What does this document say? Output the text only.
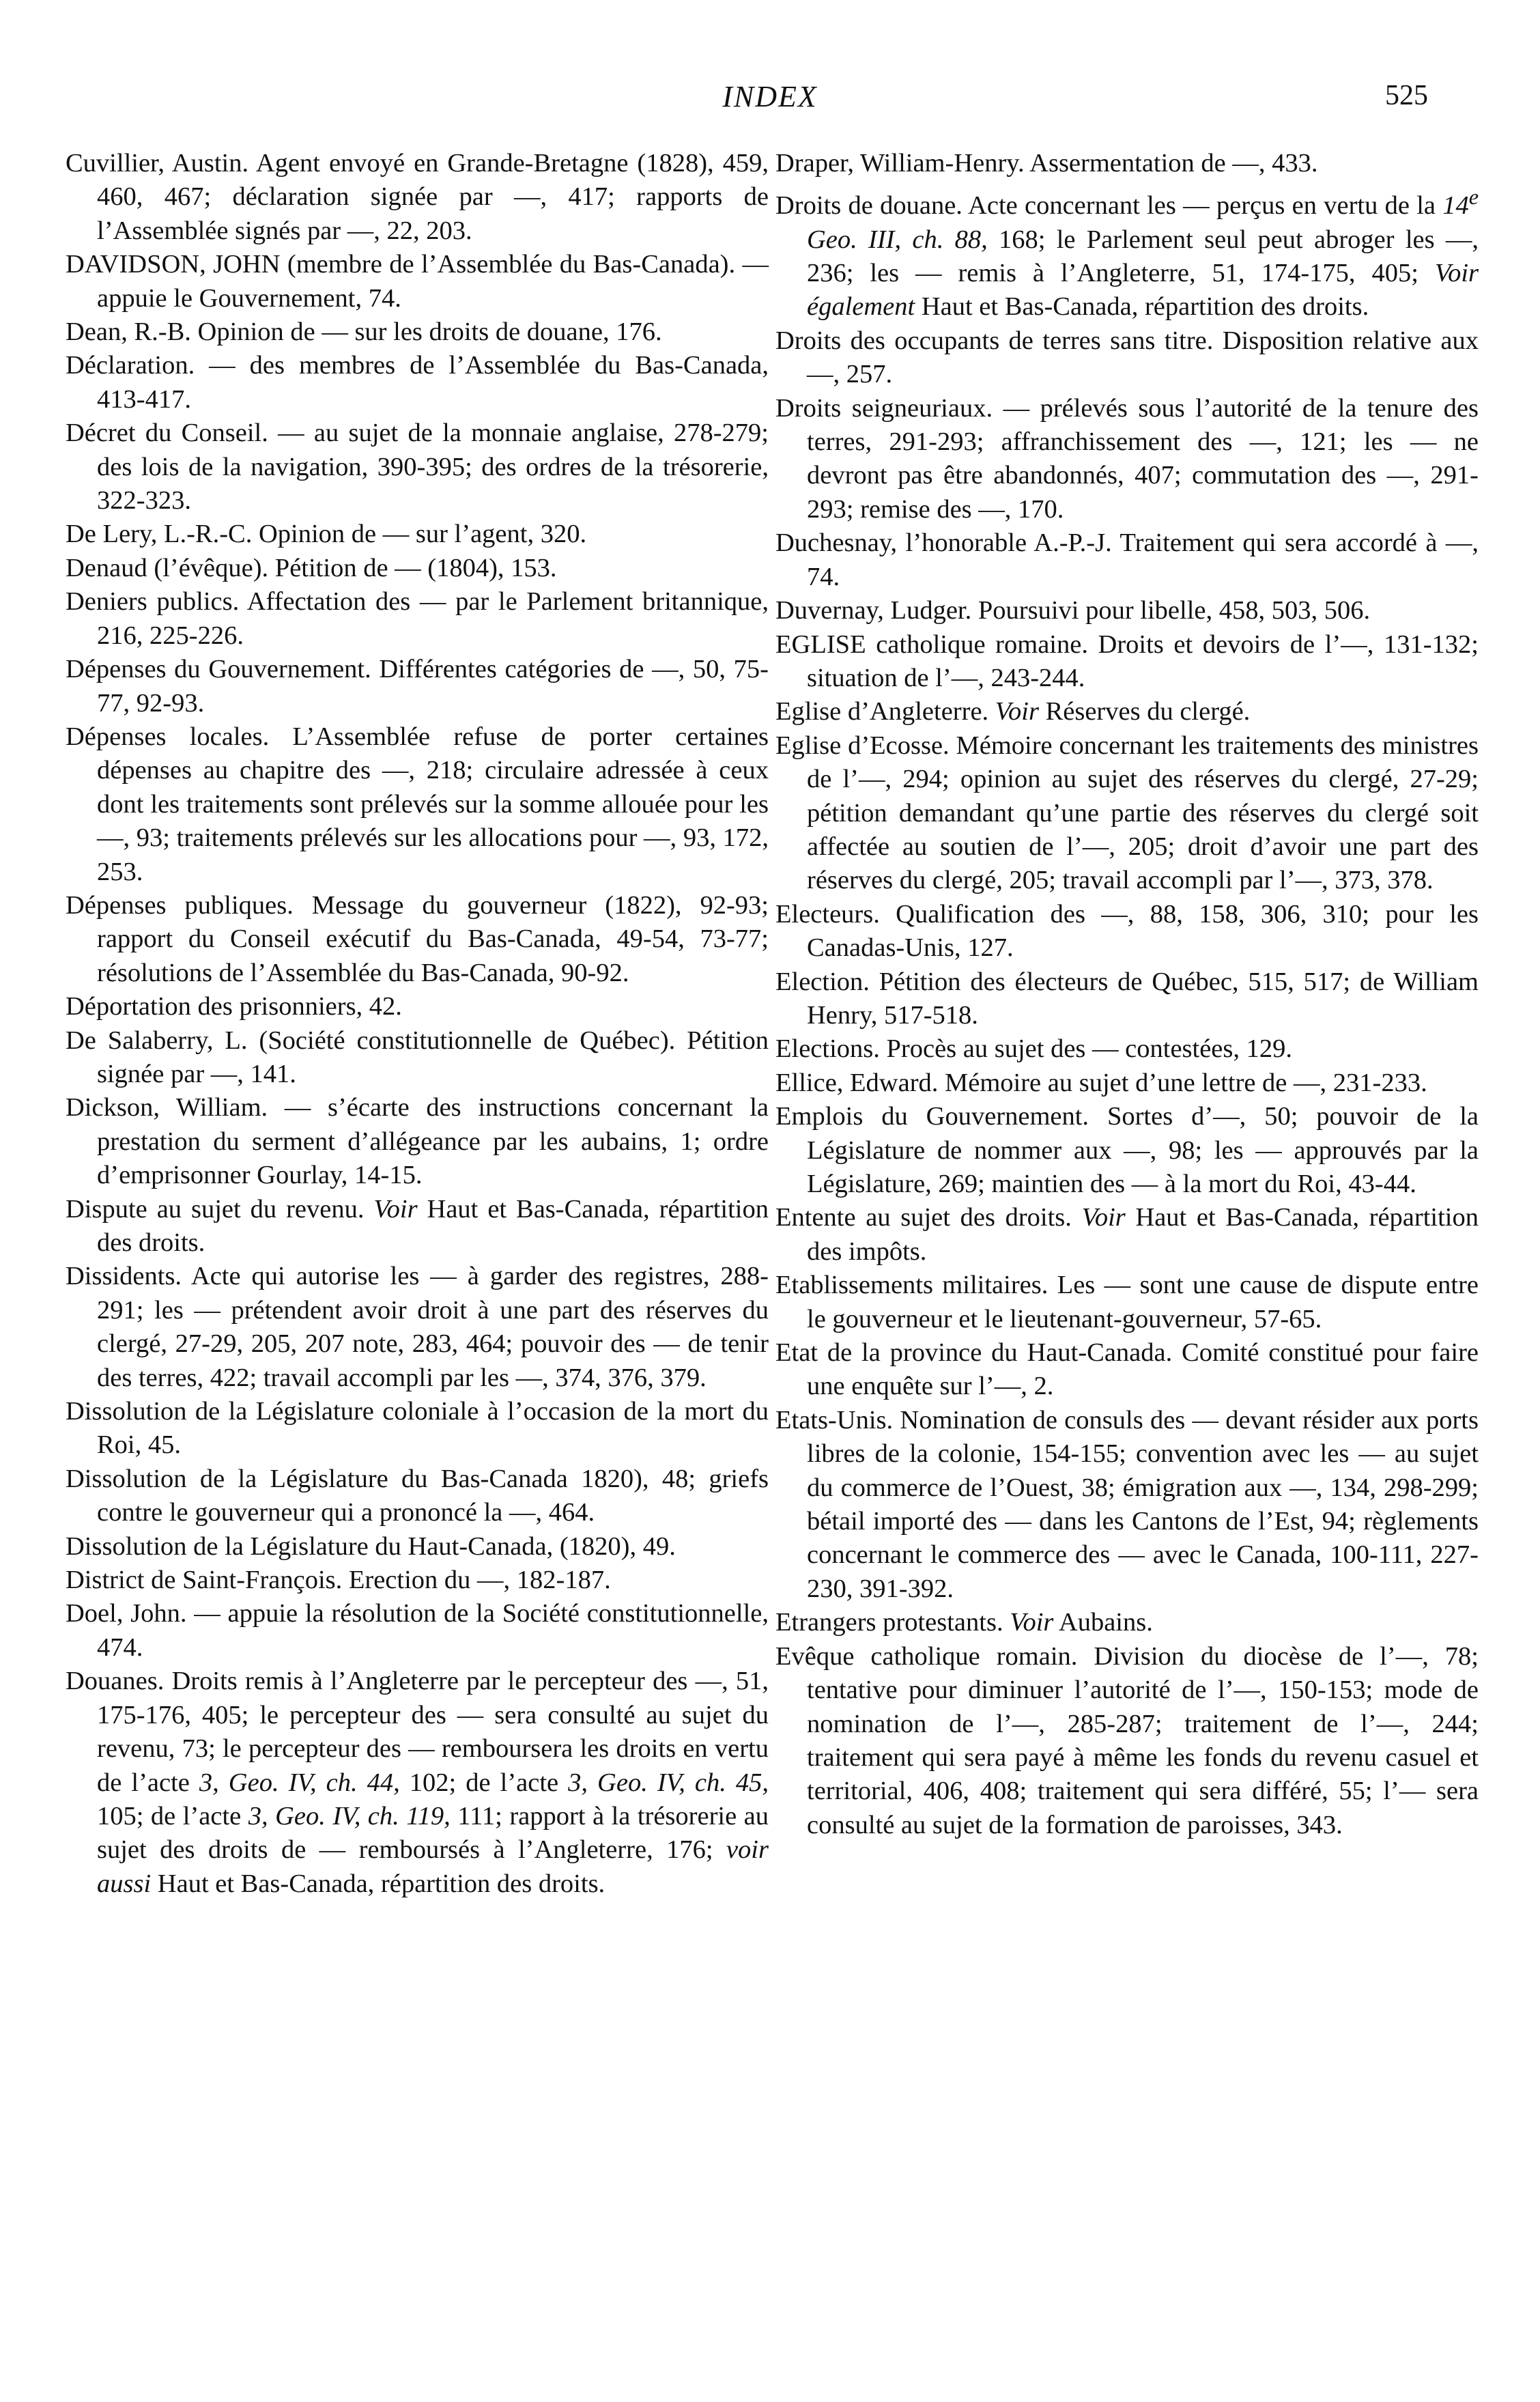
INDEX	525

Cuvillier, Austin. Agent envoyé en Grande-Bretagne (1828), 459, 460, 467; déclaration signée par —, 417; rapports de l’Assemblée signés par —, 22, 203.

DAVIDSON, JOHN (membre de l’Assemblée du Bas-Canada). — appuie le Gouvernement, 74.

Dean, R.-B. Opinion de — sur les droits de douane, 176.

Déclaration. — des membres de l’Assemblée du Bas-Canada, 413-417.

Décret du Conseil. — au sujet de la monnaie anglaise, 278-279; des lois de la navigation, 390-395; des ordres de la trésorerie, 322-323.

De Lery, L.-R.-C. Opinion de — sur l’agent, 320.

Denaud (l’évêque). Pétition de — (1804), 153.

Deniers publics. Affectation des — par le Parlement britannique, 216, 225-226.

Dépenses du Gouvernement. Différentes catégories de —, 50, 75-77, 92-93.

Dépenses locales. L’Assemblée refuse de porter certaines dépenses au chapitre des —, 218; circulaire adressée à ceux dont les traitements sont prélevés sur la somme allouée pour les —, 93; traitements prélevés sur les allocations pour —, 93, 172, 253.

Dépenses publiques. Message du gouverneur (1822), 92-93; rapport du Conseil exécutif du Bas-Canada, 49-54, 73-77; résolutions de l’Assemblée du Bas-Canada, 90-92.

Déportation des prisonniers, 42.

De Salaberry, L. (Société constitutionnelle de Québec). Pétition signée par —, 141.

Dickson, William. — s’écarte des instructions concernant la prestation du serment d’allégeance par les aubains, 1; ordre d’emprisonner Gourlay, 14-15.

Dispute au sujet du revenu. Voir Haut et Bas-Canada, répartition des droits.

Dissidents. Acte qui autorise les — à garder des registres, 288-291; les — prétendent avoir droit à une part des réserves du clergé, 27-29, 205, 207 note, 283, 464; pouvoir des — de tenir des terres, 422; travail accompli par les —, 374, 376, 379.

Dissolution de la Législature coloniale à l’occasion de la mort du Roi, 45.

Dissolution de la Législature du Bas-Canada 1820), 48; griefs contre le gouverneur qui a prononcé la —, 464.

Dissolution de la Législature du Haut-Canada, (1820), 49.

District de Saint-François. Erection du —, 182-187.

Doel, John. — appuie la résolution de la Société constitutionnelle, 474.

Douanes. Droits remis à l’Angleterre par le percepteur des —, 51, 175-176, 405; le percepteur des — sera consulté au sujet du revenu, 73; le percepteur des — remboursera les droits en vertu de l’acte 3, Geo. IV, ch. 44, 102; de l’acte 3, Geo. IV, ch. 45, 105; de l’acte 3, Geo. IV, ch. 119, 111; rapport à la trésorerie au sujet des droits de — remboursés à l’Angleterre, 176; voir aussi Haut et Bas-Canada, répartition des droits.

Draper, William-Henry. Assermentation de —, 433.

Droits de douane. Acte concernant les — perçus en vertu de la 14e Geo. III, ch. 88, 168; le Parlement seul peut abroger les —, 236; les — remis à l’Angleterre, 51, 174-175, 405; Voir également Haut et Bas-Canada, répartition des droits.

Droits des occupants de terres sans titre. Disposition relative aux —, 257.

Droits seigneuriaux. — prélevés sous l’autorité de la tenure des terres, 291-293; affranchissement des —, 121; les — ne devront pas être abandonnés, 407; commutation des —, 291-293; remise des —, 170.

Duchesnay, l’honorable A.-P.-J. Traitement qui sera accordé à —, 74.

Duvernay, Ludger. Poursuivi pour libelle, 458, 503, 506.

EGLISE catholique romaine. Droits et devoirs de l’—, 131-132; situation de l’—, 243-244.

Eglise d’Angleterre. Voir Réserves du clergé.

Eglise d’Ecosse. Mémoire concernant les traitements des ministres de l’—, 294; opinion au sujet des réserves du clergé, 27-29; pétition demandant qu’une partie des réserves du clergé soit affectée au soutien de l’—, 205; droit d’avoir une part des réserves du clergé, 205; travail accompli par l’—, 373, 378.

Electeurs. Qualification des —, 88, 158, 306, 310; pour les Canadas-Unis, 127.

Election. Pétition des électeurs de Québec, 515, 517; de William Henry, 517-518.

Elections. Procès au sujet des — contestées, 129.

Ellice, Edward. Mémoire au sujet d’une lettre de —, 231-233.

Emplois du Gouvernement. Sortes d’—, 50; pouvoir de la Législature de nommer aux —, 98; les — approuvés par la Législature, 269; maintien des — à la mort du Roi, 43-44.

Entente au sujet des droits. Voir Haut et Bas-Canada, répartition des impôts.

Etablissements militaires. Les — sont une cause de dispute entre le gouverneur et le lieutenant-gouverneur, 57-65.

Etat de la province du Haut-Canada. Comité constitué pour faire une enquête sur l’—, 2.

Etats-Unis. Nomination de consuls des — devant résider aux ports libres de la colonie, 154-155; convention avec les — au sujet du commerce de l’Ouest, 38; émigration aux —, 134, 298-299; bétail importé des — dans les Cantons de l’Est, 94; règlements concernant le commerce des — avec le Canada, 100-111, 227-230, 391-392.

Etrangers protestants. Voir Aubains.

Evêque catholique romain. Division du diocèse de l’—, 78; tentative pour diminuer l’autorité de l’—, 150-153; mode de nomination de l’—, 285-287; traitement de l’—, 244; traitement qui sera payé à même les fonds du revenu casuel et territorial, 406, 408; traitement qui sera différé, 55; l’— sera consulté au sujet de la formation de paroisses, 343.
